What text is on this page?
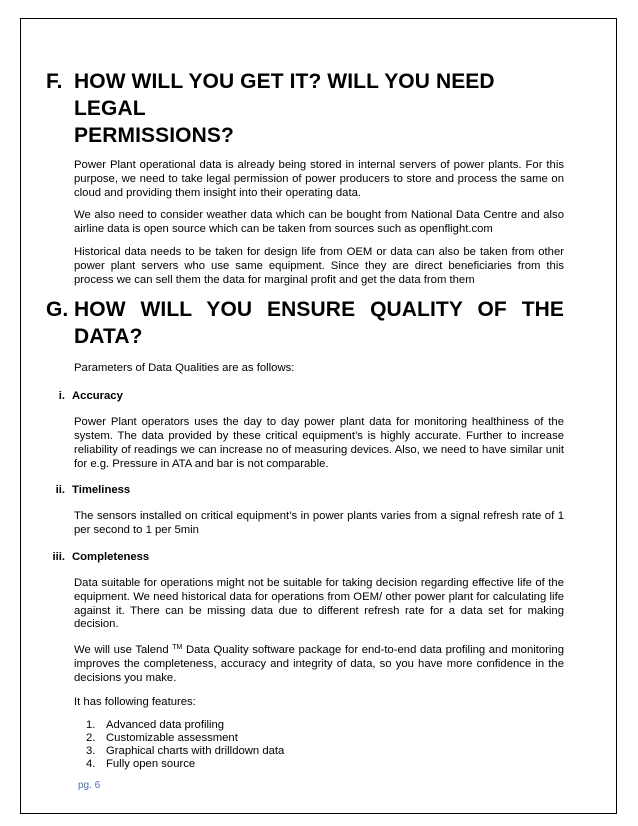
F. HOW WILL YOU GET IT? WILL YOU NEED LEGAL
PERMISSIONS?

Power Plant operational data is already being stored in internal servers of power plants. For this purpose, we need to take legal permission of power producers to store and process the same on cloud and providing them insight into their operating data.

We also need to consider weather data which can be bought from National Data Centre and also airline data is open source which can be taken from sources such as openflight.com

Historical data needs to be taken for design life from OEM or data can also be taken from other power plant servers who use same equipment. Since they are direct beneficiaries from this process we can sell them the data for marginal profit and get the data from them

G. HOW WILL YOU ENSURE QUALITY OF THE
DATA?

Parameters of Data Qualities are as follows:

i. Accuracy

Power Plant operators uses the day to day power plant data for monitoring healthiness of the system. The data provided by these critical equipment’s is highly accurate. Further to increase reliability of readings we can increase no of measuring devices. Also, we need to have similar unit for e.g. Pressure in ATA and bar is not comparable.

ii. Timeliness

The sensors installed on critical equipment’s in power plants varies from a signal refresh rate of 1 per second to 1 per 5min

iii. Completeness

Data suitable for operations might not be suitable for taking decision regarding effective life of the equipment. We need historical data for operations from OEM/ other power plant for calculating life against it. There can be missing data due to different refresh rate for a data set for making decision.

We will use Talend ™ Data Quality software package for end-to-end data profiling and monitoring improves the completeness, accuracy and integrity of data, so you have more confidence in the decisions you make.

It has following features:

1. Advanced data profiling
2. Customizable assessment
3. Graphical charts with drilldown data
4. Fully open source
pg. 6
